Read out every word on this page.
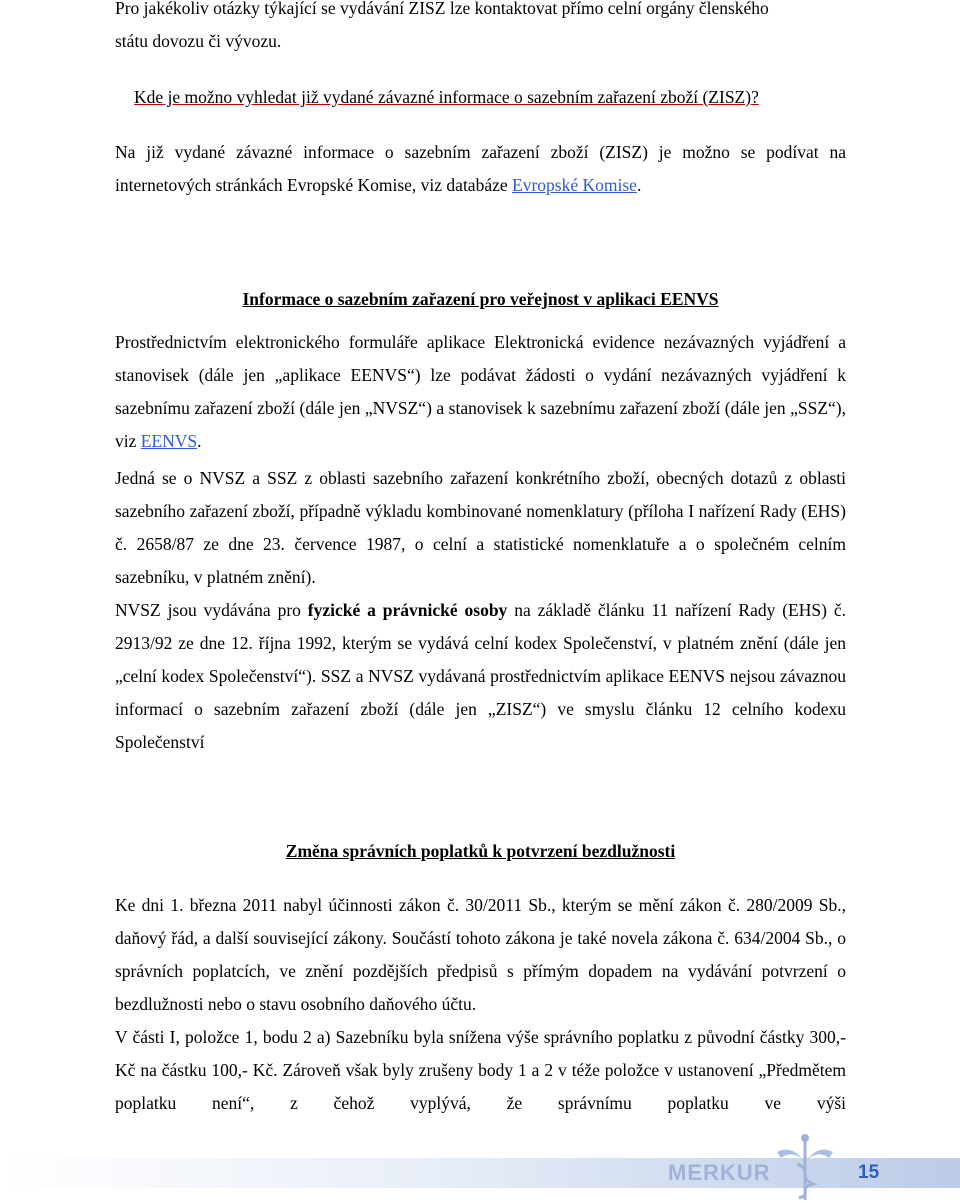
Pro jakékoliv otázky týkající se vydávání ZISZ lze kontaktovat přímo celní orgány členského
státu dovozu či vývozu.

Kde je možno vyhledat již vydané závazné informace o sazebním zařazení zboží (ZISZ)?

Na již vydané závazné informace o sazebním zařazení zboží (ZISZ) je možno se podívat na internetových stránkách Evropské Komise, viz databáze Evropské Komise.

Informace o sazebním zařazení pro veřejnost v aplikaci EENVS

Prostřednictvím elektronického formuláře aplikace Elektronická evidence nezávazných vyjádření a stanovisek (dále jen „aplikace EENVS“) lze podávat žádosti o vydání nezávazných vyjádření k sazebnímu zařazení zboží (dále jen „NVSZ“) a stanovisek k sazebnímu zařazení zboží (dále jen „SSZ“), viz EENVS.

Jedná se o NVSZ a SSZ z oblasti sazebního zařazení konkrétního zboží, obecných dotazů z oblasti sazebního zařazení zboží, případně výkladu kombinované nomenklatury (příloha I nařízení Rady (EHS) č. 2658/87 ze dne 23. července 1987, o celní a statistické nomenklatuře a o společném celním sazebníku, v platném znění).

NVSZ jsou vydávána pro fyzické a právnické osoby na základě článku 11 nařízení Rady (EHS) č. 2913/92 ze dne 12. října 1992, kterým se vydává celní kodex Společenství, v platném znění (dále jen „celní kodex Společenství“). SSZ a NVSZ vydávaná prostřednictvím aplikace EENVS nejsou závaznou informací o sazebním zařazení zboží (dále jen „ZISZ“) ve smyslu článku 12 celního kodexu Společenství

Změna správních poplatků k potvrzení bezdlužnosti

Ke dni 1. března 2011 nabyl účinnosti zákon č. 30/2011 Sb., kterým se mění zákon č. 280/2009 Sb., daňový řád, a další související zákony. Součástí tohoto zákona je také novela zákona č. 634/2004 Sb., o správních poplatcích, ve znění pozdějších předpisů s přímým dopadem na vydávání potvrzení o bezdlužnosti nebo o stavu osobního daňového účtu.

V části I, položce 1, bodu 2 a) Sazebníku byla snížena výše správního poplatku z původní částky 300,- Kč na částku 100,- Kč. Zároveň však byly zrušeny body 1 a 2 v téže položce v ustanovení „Předmětem poplatku není“, z čehož vyplývá, že správnímu poplatku ve výši

MERKUR	15
